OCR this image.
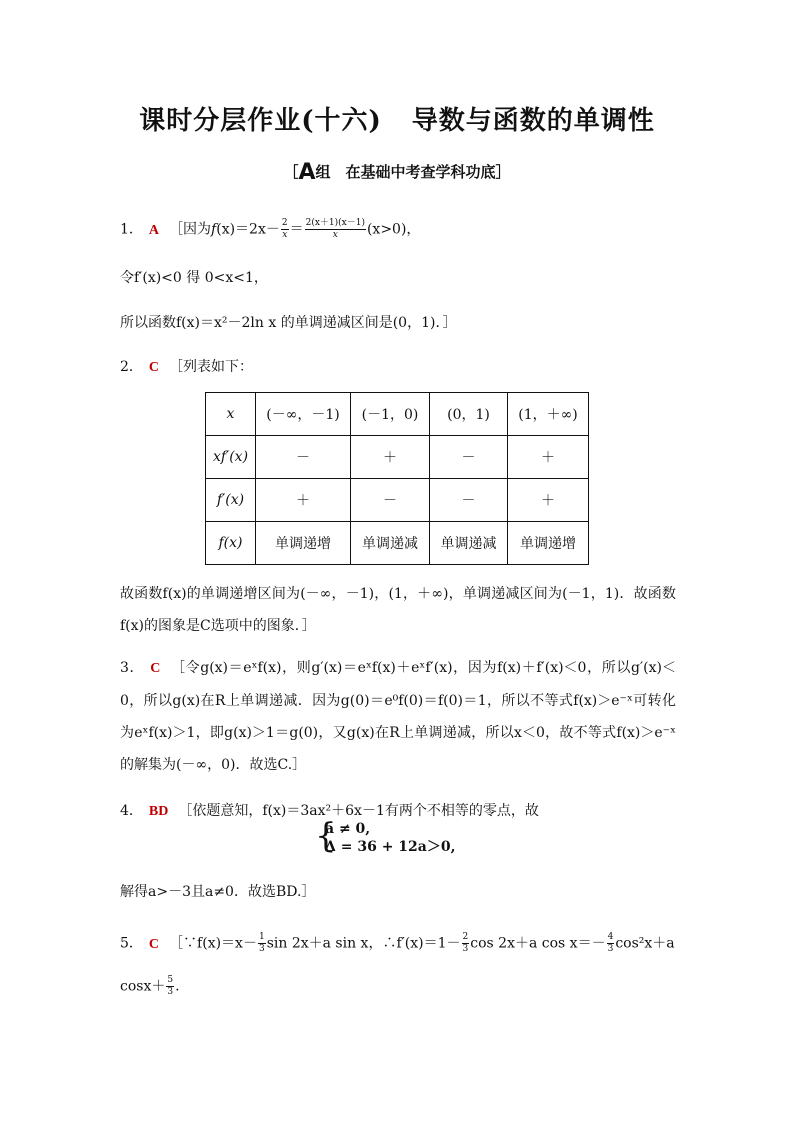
课时分层作业(十六) 导数与函数的单调性
［A组　在基础中考查学科功底］
1． A ［因为$f(x)=2x- \frac{2}{x} = \frac{2(x+1)(x-1)}{x} (x>0)$，
令f′(x)<0 得 0<x<1，
所以函数f(x)＝x²－2ln x 的单调递减区间是(0，1)．］
2． C ［列表如下：
x	(－∞，－1)	(－1，0)	(0，1)	(1，＋∞)
xf′(x)	－	＋	－	＋
f′(x)	＋	－	－	＋
f(x)	单调递增	单调递减	单调递减	单调递增
故函数f(x)的单调递增区间为(－∞，－1)，(1，＋∞)，单调递减区间为(－1，1)．故函数f(x)的图象是C选项中的图象．］
3． C ［令g(x)＝eˣf(x)，则g′(x)＝eˣf(x)＋eˣf′(x)，因为f(x)＋f′(x)＜0，所以g′(x)＜0，所以g(x)在R上单调递减．因为g(0)＝e⁰f(0)＝f(0)＝1，所以不等式f(x)＞e⁻ˣ可转化为eˣf(x)＞1，即g(x)＞1＝g(0)，又g(x)在R上单调递减，所以x＜0，故不等式f(x)＞e⁻ˣ的解集为(－∞，0)．故选C.］
4． BD ［依题意知，f(x)＝3ax²＋6x－1有两个不相等的零点，故
{
a ≠ 0,
Δ = 36 + 12a＞0,
解得a>－3且a≠0．故选BD.］
5． C ［∵f(x)＝x－ $\frac{1}{3}$ sin 2x＋a sin x，∴f′(x)＝1－ $\frac{2}{3}$ cos 2x＋a $\cos x=- \frac{4}{3} \cos^2x+a$
$\cos x+ \frac{5}{3}$ .
